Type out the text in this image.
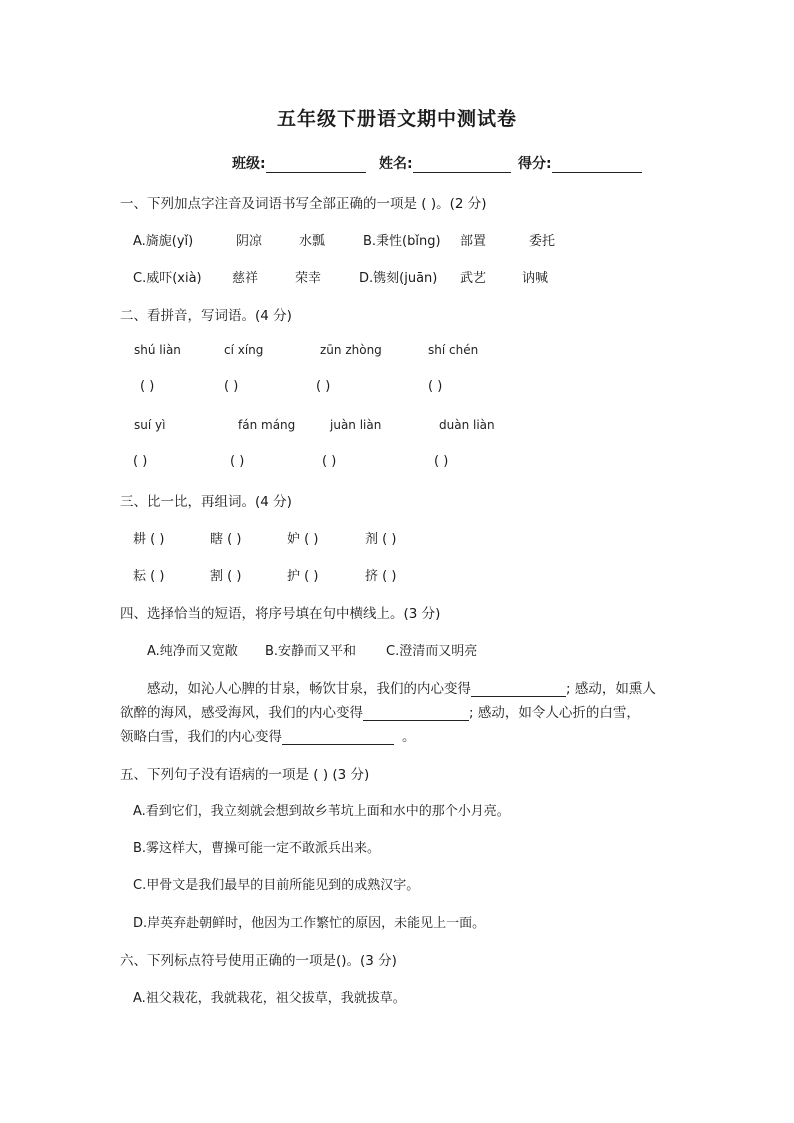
五年级下册语文期中测试卷
班级:	姓名:	得分:
一、下列加点字注音及词语书写全部正确的一项是 ( )。(2 分)
A.旖旎(yǐ)	阴凉	水瓢	B.秉性(bǐng) 部置	委托
C.威吓(xià) 慈祥	荣幸	D.镌刻(juān) 武艺	讷喊
二、看拼音，写词语。(4 分)
shú liàn	cí xíng	zūn zhòng	shí chén
( )	( )	( )	( )
suí yì	fán máng	juàn liàn	duàn liàn
( )	( )	( )	( )
三、比一比，再组词。(4 分)
耕 ( )	瞎 ( )	妒 ( )	剂 ( )
耘 ( )	割 ( )	护 ( )	挤 ( )
四、选择恰当的短语，将序号填在句中横线上。(3 分)
A.纯净而又宽敞 B.安静而又平和 C.澄清而又明亮
感动，如沁人心脾的甘泉，畅饮甘泉，我们的内心变得	; 感动，如熏人
欲醉的海风，感受海风，我们的内心变得	; 感动，如令人心折的白雪，
领略白雪，我们的内心变得	。
五、下列句子没有语病的一项是 ( ) (3 分)
A.看到它们，我立刻就会想到故乡苇坑上面和水中的那个小月亮。
B.雾这样大，曹操可能一定不敢派兵出来。
C.甲骨文是我们最早的目前所能见到的成熟汉字。
D.岸英弃赴朝鲜时，他因为工作繁忙的原因，未能见上一面。
六、下列标点符号使用正确的一项是()。(3 分)
A.祖父栽花，我就栽花，祖父拔草，我就拔草。
